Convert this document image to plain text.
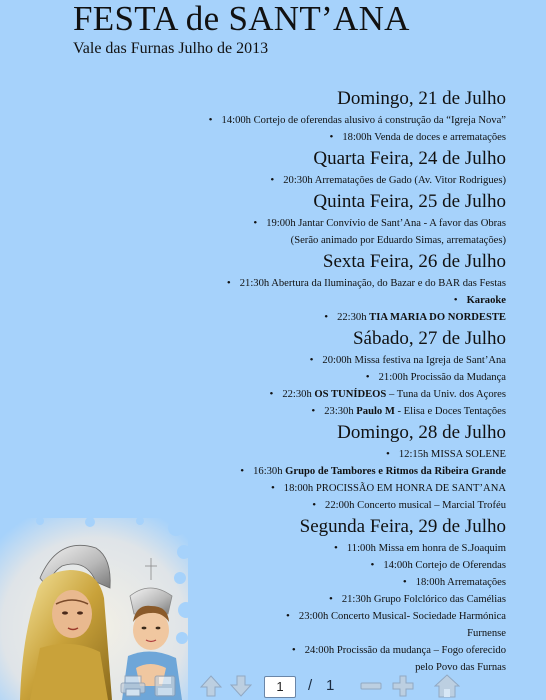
FESTA de SANT’ANA
Vale das Furnas Julho de 2013
Domingo, 21 de Julho
• 14:00h Cortejo de oferendas alusivo á construção da “Igreja Nova”
• 18:00h Venda de doces e arrematações
Quarta Feira, 24 de Julho
• 20:30h Arrematações de Gado (Av. Vitor Rodrigues)
Quinta Feira, 25 de Julho
• 19:00h Jantar Convívio de Sant’Ana - A favor das Obras
(Serão animado por Eduardo Simas, arrematações)
Sexta Feira, 26 de Julho
• 21:30h Abertura da Iluminação, do Bazar e do BAR das Festas
• Karaoke
• 22:30h TIA MARIA DO NORDESTE
Sábado, 27 de Julho
• 20:00h Missa festiva na Igreja de Sant’Ana
• 21:00h Procissão da Mudança
• 22:30h OS TUNÍDEOS – Tuna da Univ. dos Açores
• 23:30h Paulo M - Elisa e Doces Tentações
Domingo, 28 de Julho
• 12:15h MISSA SOLENE
• 16:30h Grupo de Tambores e Ritmos da Ribeira Grande
• 18:00h PROCISSÃO EM HONRA DE SANT’ANA
• 22:00h Concerto musical – Marcial Troféu
Segunda Feira, 29 de Julho
• 11:00h Missa em honra de S.Joaquim
• 14:00h Cortejo de Oferendas
• 18:00h Arrematações
• 21:30h Grupo Folclórico das Camélias
• 23:00h Concerto Musical- Sociedade Harmónica
Furnense
• 24:00h Procissão da mudança – Fogo oferecido
pelo Povo das Furnas
1	/ 1
